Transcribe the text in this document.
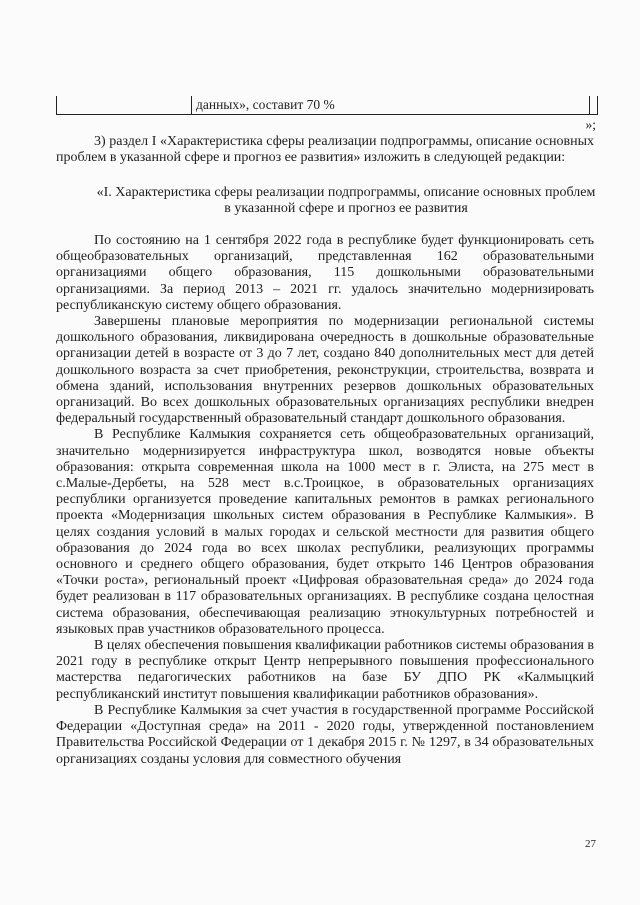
данных», составит 70 %
»;

3) раздел I «Характеристика сферы реализации подпрограммы, описание основных проблем в указанной сфере и прогноз ее развития» изложить в следующей редакции:

«I. Характеристика сферы реализации подпрограммы, описание основных проблем в указанной сфере и прогноз ее развития

По состоянию на 1 сентября 2022 года в республике будет функционировать сеть общеобразовательных организаций, представленная 162 образовательными организациями общего образования, 115 дошкольными образовательными организациями. За период 2013 – 2021 гг. удалось значительно модернизировать республиканскую систему общего образования.

Завершены плановые мероприятия по модернизации региональной системы дошкольного образования, ликвидирована очередность в дошкольные образовательные организации детей в возрасте от 3 до 7 лет, создано 840 дополнительных мест для детей дошкольного возраста за счет приобретения, реконструкции, строительства, возврата и обмена зданий, использования внутренних резервов дошкольных образовательных организаций. Во всех дошкольных образовательных организациях республики внедрен федеральный государственный образовательный стандарт дошкольного образования.

В Республике Калмыкия сохраняется сеть общеобразовательных организаций, значительно модернизируется инфраструктура школ, возводятся новые объекты образования: открыта современная школа на 1000 мест в г. Элиста, на 275 мест в с.Малые-Дербеты, на 528 мест в.с.Троицкое, в образовательных организациях республики организуется проведение капитальных ремонтов в рамках регионального проекта «Модернизация школьных систем образования в Республике Калмыкия». В целях создания условий в малых городах и сельской местности для развития общего образования до 2024 года во всех школах республики, реализующих программы основного и среднего общего образования, будет открыто 146 Центров образования «Точки роста», региональный проект «Цифровая образовательная среда» до 2024 года будет реализован в 117 образовательных организациях. В республике создана целостная система образования, обеспечивающая реализацию этнокультурных потребностей и языковых прав участников образовательного процесса.

В целях обеспечения повышения квалификации работников системы образования в 2021 году в республике открыт Центр непрерывного повышения профессионального мастерства педагогических работников на базе БУ ДПО РК «Калмыцкий республиканский институт повышения квалификации работников образования».

В Республике Калмыкия за счет участия в государственной программе Российской Федерации «Доступная среда» на 2011 - 2020 годы, утвержденной постановлением Правительства Российской Федерации от 1 декабря 2015 г. № 1297, в 34 образовательных организациях созданы условия для совместного обучения

27
